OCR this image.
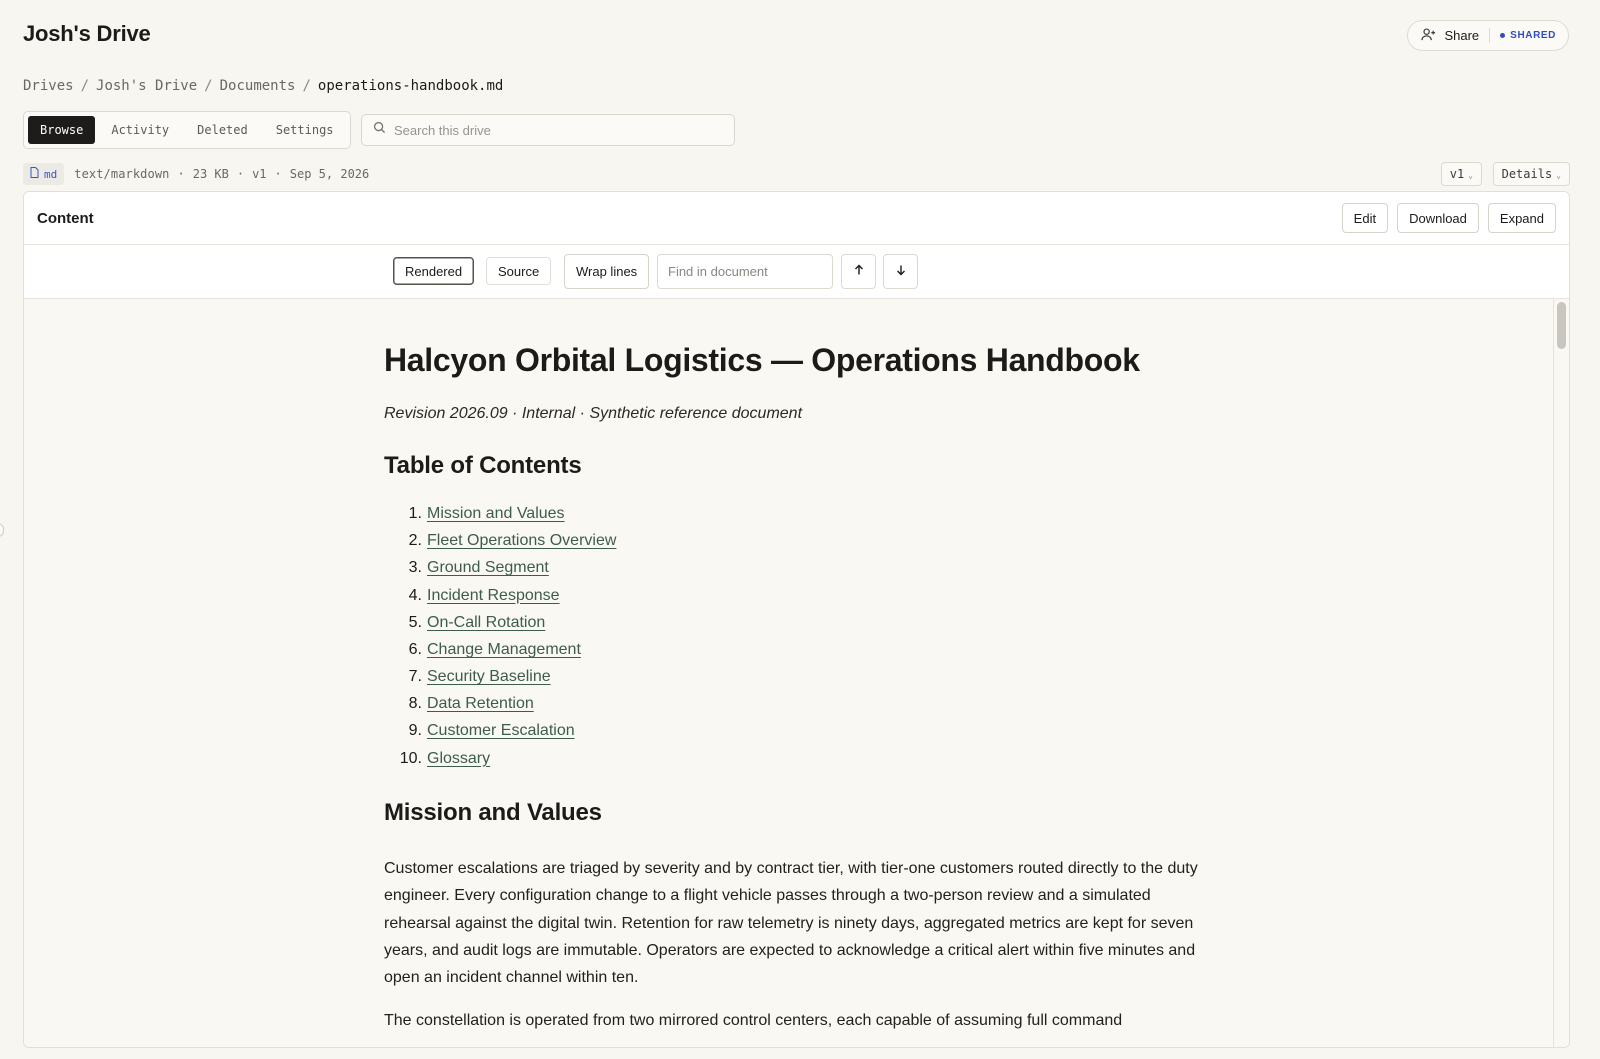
Josh's Drive	Share	SHARED
Drives / Josh's Drive / Documents / operations-handbook.md
Browse	Activity	Deleted	Settings
Search this drive
md text/markdown · 23 KB · v1 · Sep 5, 2026	v1 ⌄ Details ⌄
Content	Edit	Download	Expand
Rendered	Source	Wrap lines
Find in document
Halcyon Orbital Logistics — Operations Handbook
Revision 2026.09 · Internal · Synthetic reference document
Table of Contents
1. Mission and Values
2. Fleet Operations Overview
3. Ground Segment
4. Incident Response
5. On-Call Rotation
6. Change Management
7. Security Baseline
8. Data Retention
9. Customer Escalation
10. Glossary
Mission and Values

Customer escalations are triaged by severity and by contract tier, with tier-one customers routed directly to the duty engineer. Every configuration change to a flight vehicle passes through a two-person review and a simulated rehearsal against the digital twin. Retention for raw telemetry is ninety days, aggregated metrics are kept for seven years, and audit logs are immutable. Operators are expected to acknowledge a critical alert within five minutes and open an incident channel within ten.

The constellation is operated from two mirrored control centers, each capable of assuming full command
